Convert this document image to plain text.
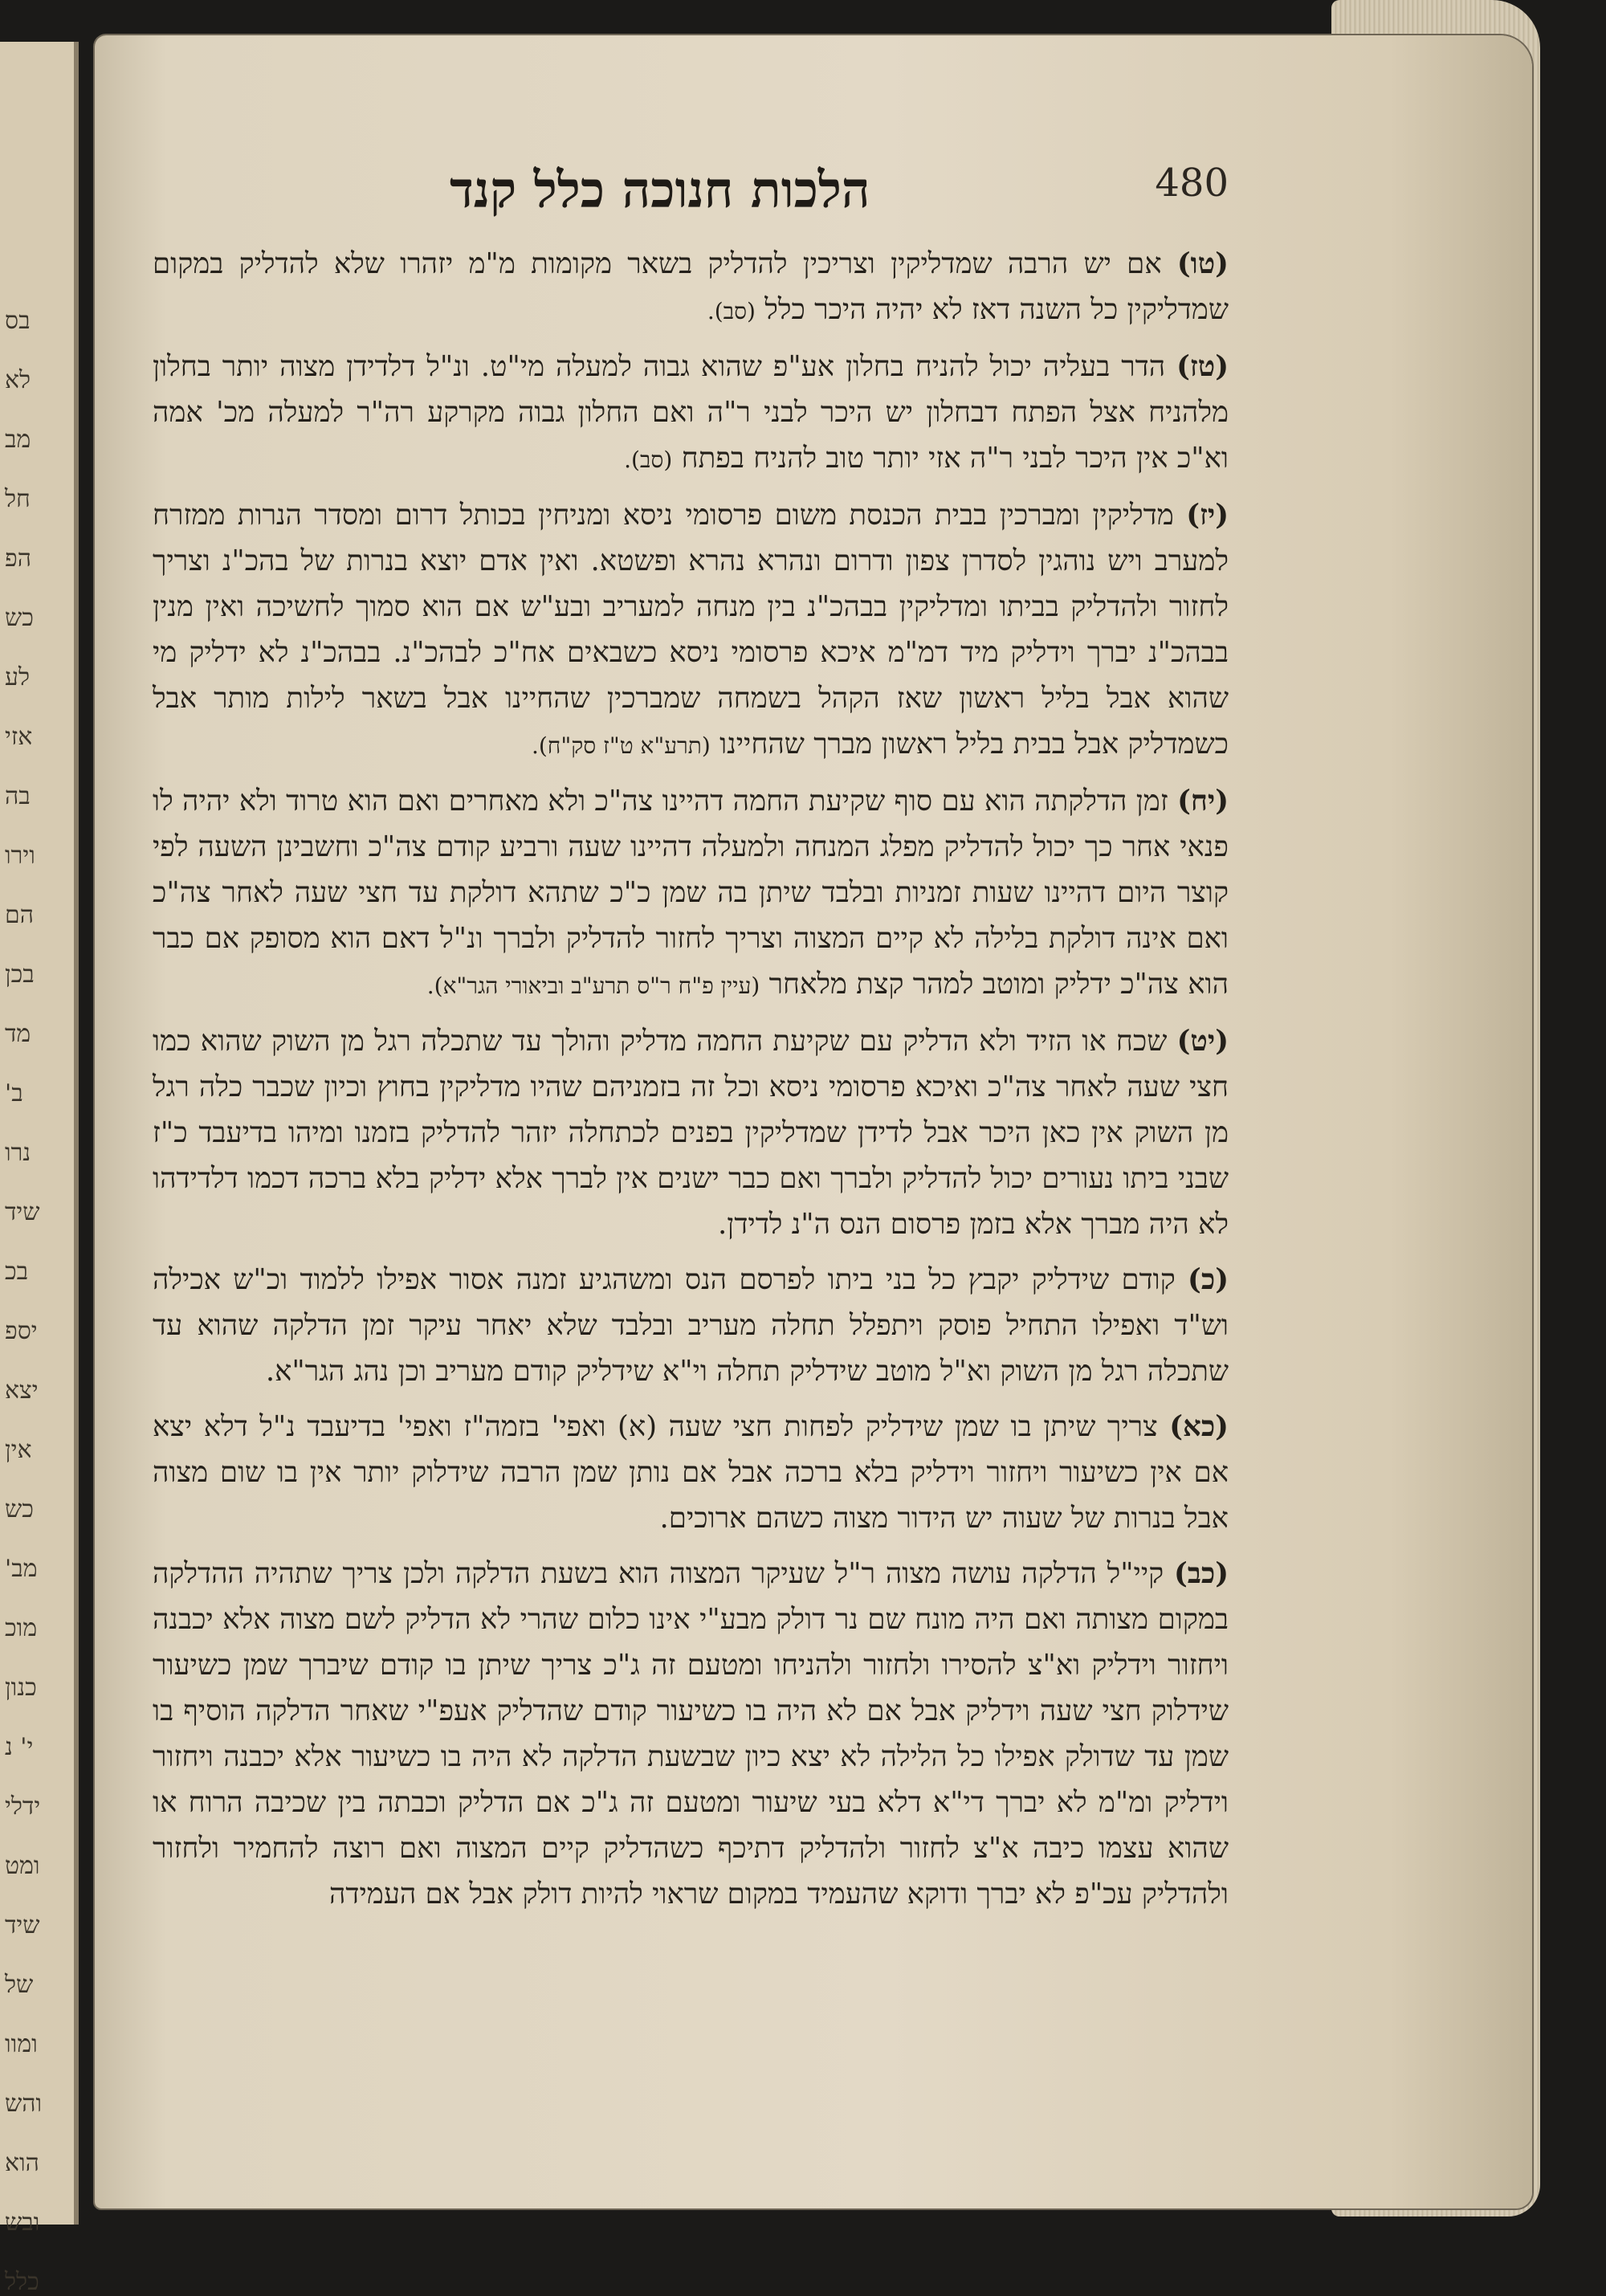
בס
לא
מב
חל
הפ
כש
לע
אזי
בה
וירו
הם
בכן
מד
ב'
נרו
שיד
בכ
יספ
יצא
אין
כש
מב'
מוכ
כנון
י' נ
ידלי
ומט
שיד
של
ומוו
והש
הוא
ובש
כלל
480
הלכות חנוכה כלל קנד

(טו) אם יש הרבה שמדליקין וצריכין להדליק בשאר מקומות מ"מ יזהרו שלא להדליק במקום שמדליקין כל השנה דאז לא יהיה היכר כלל (סב).

(טז) הדר בעליה יכול להניח בחלון אע"פ שהוא גבוה למעלה מי"ט. ונ"ל דלדידן מצוה יותר בחלון מלהניח אצל הפתח דבחלון יש היכר לבני ר"ה ואם החלון גבוה מקרקע רה"ר למעלה מכ' אמה וא"כ אין היכר לבני ר"ה אזי יותר טוב להניח בפתח (סב).

(יז) מדליקין ומברכין בבית הכנסת משום פרסומי ניסא ומניחין בכותל דרום ומסדר הנרות ממזרח למערב ויש נוהגין לסדרן צפון ודרום ונהרא נהרא ופשטא. ואין אדם יוצא בנרות של בהכ"נ וצריך לחזור ולהדליק בביתו ומדליקין בבהכ"נ בין מנחה למעריב ובע"ש אם הוא סמוך לחשיכה ואין מנין בבהכ"נ יברך וידליק מיד דמ"מ איכא פרסומי ניסא כשבאים אח"כ לבהכ"נ. בבהכ"נ לא ידליק מי שהוא אבל בליל ראשון שאז הקהל בשמחה שמברכין שהחיינו אבל בשאר לילות מותר אבל כשמדליק אבל בבית בליל ראשון מברך שהחיינו (תרע"א ט"ז סק"ח).

(יח) זמן הדלקתה הוא עם סוף שקיעת החמה דהיינו צה"כ ולא מאחרים ואם הוא טרוד ולא יהיה לו פנאי אחר כך יכול להדליק מפלג המנחה ולמעלה דהיינו שעה ורביע קודם צה"כ וחשבינן השעה לפי קוצר היום דהיינו שעות זמניות ובלבד שיתן בה שמן כ"כ שתהא דולקת עד חצי שעה לאחר צה"כ ואם אינה דולקת בלילה לא קיים המצוה וצריך לחזור להדליק ולברך ונ"ל דאם הוא מסופק אם כבר הוא צה"כ ידליק ומוטב למהר קצת מלאחר (עיין פ"ח ר"ס תרע"ב וביאורי הגר"א).

(יט) שכח או הזיד ולא הדליק עם שקיעת החמה מדליק והולך עד שתכלה רגל מן השוק שהוא כמו חצי שעה לאחר צה"כ ואיכא פרסומי ניסא וכל זה בזמניהם שהיו מדליקין בחוץ וכיון שכבר כלה רגל מן השוק אין כאן היכר אבל לדידן שמדליקין בפנים לכתחלה יזהר להדליק בזמנו ומיהו בדיעבד כ"ז שבני ביתו נעורים יכול להדליק ולברך ואם כבר ישנים אין לברך אלא ידליק בלא ברכה דכמו דלדידהו לא היה מברך אלא בזמן פרסום הנס ה"נ לדידן.

(כ) קודם שידליק יקבץ כל בני ביתו לפרסם הנס ומשהגיע זמנה אסור אפילו ללמוד וכ"ש אכילה וש"ד ואפילו התחיל פוסק ויתפלל תחלה מעריב ובלבד שלא יאחר עיקר זמן הדלקה שהוא עד שתכלה רגל מן השוק וא"ל מוטב שידליק תחלה וי"א שידליק קודם מעריב וכן נהג הגר"א.

(כא) צריך שיתן בו שמן שידליק לפחות חצי שעה (א) ואפי' בזמה"ז ואפי' בדיעבד נ"ל דלא יצא אם אין כשיעור ויחזור וידליק בלא ברכה אבל אם נותן שמן הרבה שידלוק יותר אין בו שום מצוה אבל בנרות של שעוה יש הידור מצוה כשהם ארוכים.

(כב) קיי"ל הדלקה עושה מצוה ר"ל שעיקר המצוה הוא בשעת הדלקה ולכן צריך שתהיה ההדלקה במקום מצותה ואם היה מונח שם נר דולק מבע"י אינו כלום שהרי לא הדליק לשם מצוה אלא יכבנה ויחזור וידליק וא"צ להסירו ולחזור ולהניחו ומטעם זה ג"כ צריך שיתן בו קודם שיברך שמן כשיעור שידלוק חצי שעה וידליק אבל אם לא היה בו כשיעור קודם שהדליק אעפ"י שאחר הדלקה הוסיף בו שמן עד שדולק אפילו כל הלילה לא יצא כיון שבשעת הדלקה לא היה בו כשיעור אלא יכבנה ויחזור וידליק ומ"מ לא יברך די"א דלא בעי שיעור ומטעם זה ג"כ אם הדליק וכבתה בין שכיבה הרוח או שהוא עצמו כיבה א"צ לחזור ולהדליק דתיכף כשהדליק קיים המצוה ואם רוצה להחמיר ולחזור ולהדליק עכ"פ לא יברך ודוקא שהעמיד במקום שראוי להיות דולק אבל אם העמידה
